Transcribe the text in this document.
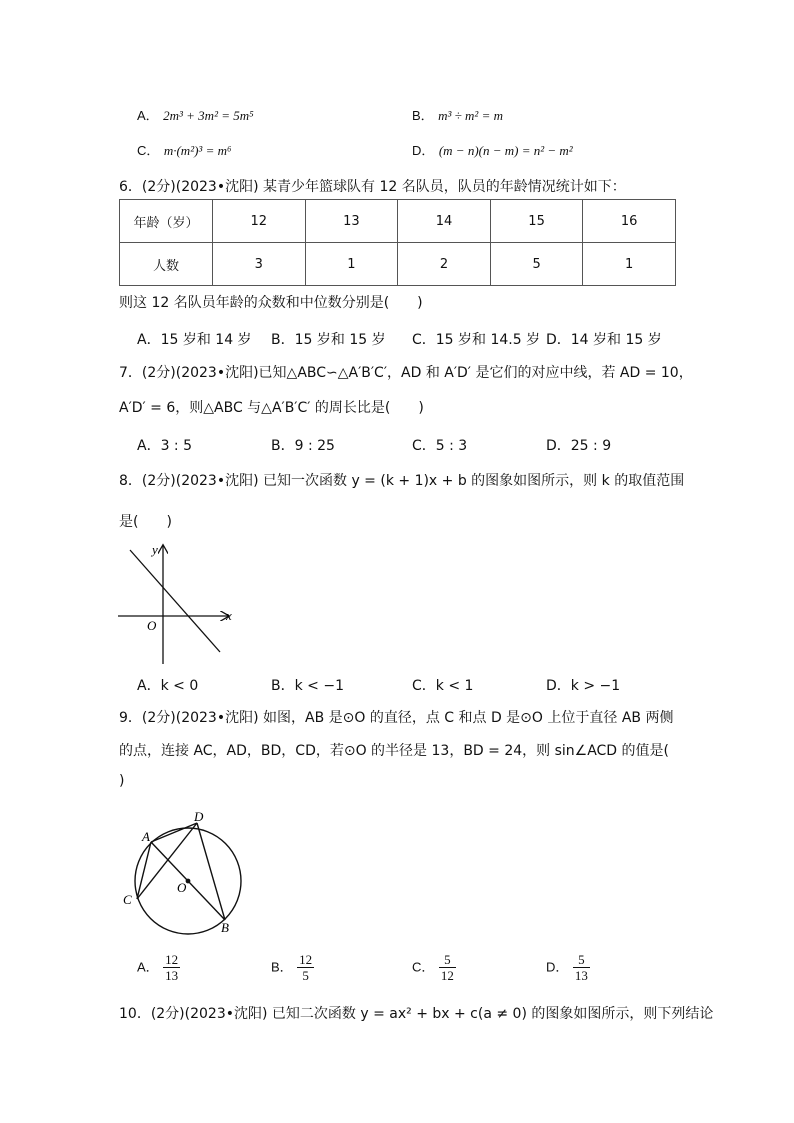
A． 2m³ + 3m² = 5m⁵	B． m³ ÷ m² = m
C． m·(m²)³ = m⁶	D． (m − n)(n − m) = n² − m²
6．(2分)(2023•沈阳) 某青少年篮球队有 12 名队员，队员的年龄情况统计如下：
年龄（岁）	12	13	14	15	16
人数	3	1	2	5	1
则这 12 名队员年龄的众数和中位数分别是(　　)
A．15 岁和 14 岁 B．15 岁和 15 岁 C．15 岁和 14.5 岁 D．14 岁和 15 岁
7．(2分)(2023•沈阳)已知△ABC∽△A′B′C′，AD 和 A′D′ 是它们的对应中线，若 AD = 10，
A′D′ = 6，则△ABC 与△A′B′C′ 的周长比是(　　)
A．3 : 5	B．9 : 25	C．5 : 3	D．25 : 9
8．(2分)(2023•沈阳) 已知一次函数 y = (k + 1)x + b 的图象如图所示，则 k 的取值范围
是(　　)
y
x
O
A．k < 0	B．k < −1	C．k < 1	D．k > −1
9．(2分)(2023•沈阳) 如图，AB 是⊙O 的直径，点 C 和点 D 是⊙O 上位于直径 AB 两侧
的点，连接 AC，AD，BD，CD，若⊙O 的半径是 13，BD = 24，则 sin∠ACD 的值是(
)
A
D
C
O
B
A． $\frac{12}{13}$	B． $\frac{12}{5}$	C． $\frac{5}{12}$	D． $\frac{5}{13}$
10．(2分)(2023•沈阳) 已知二次函数 y = ax² + bx + c(a ≠ 0) 的图象如图所示，则下列结论
